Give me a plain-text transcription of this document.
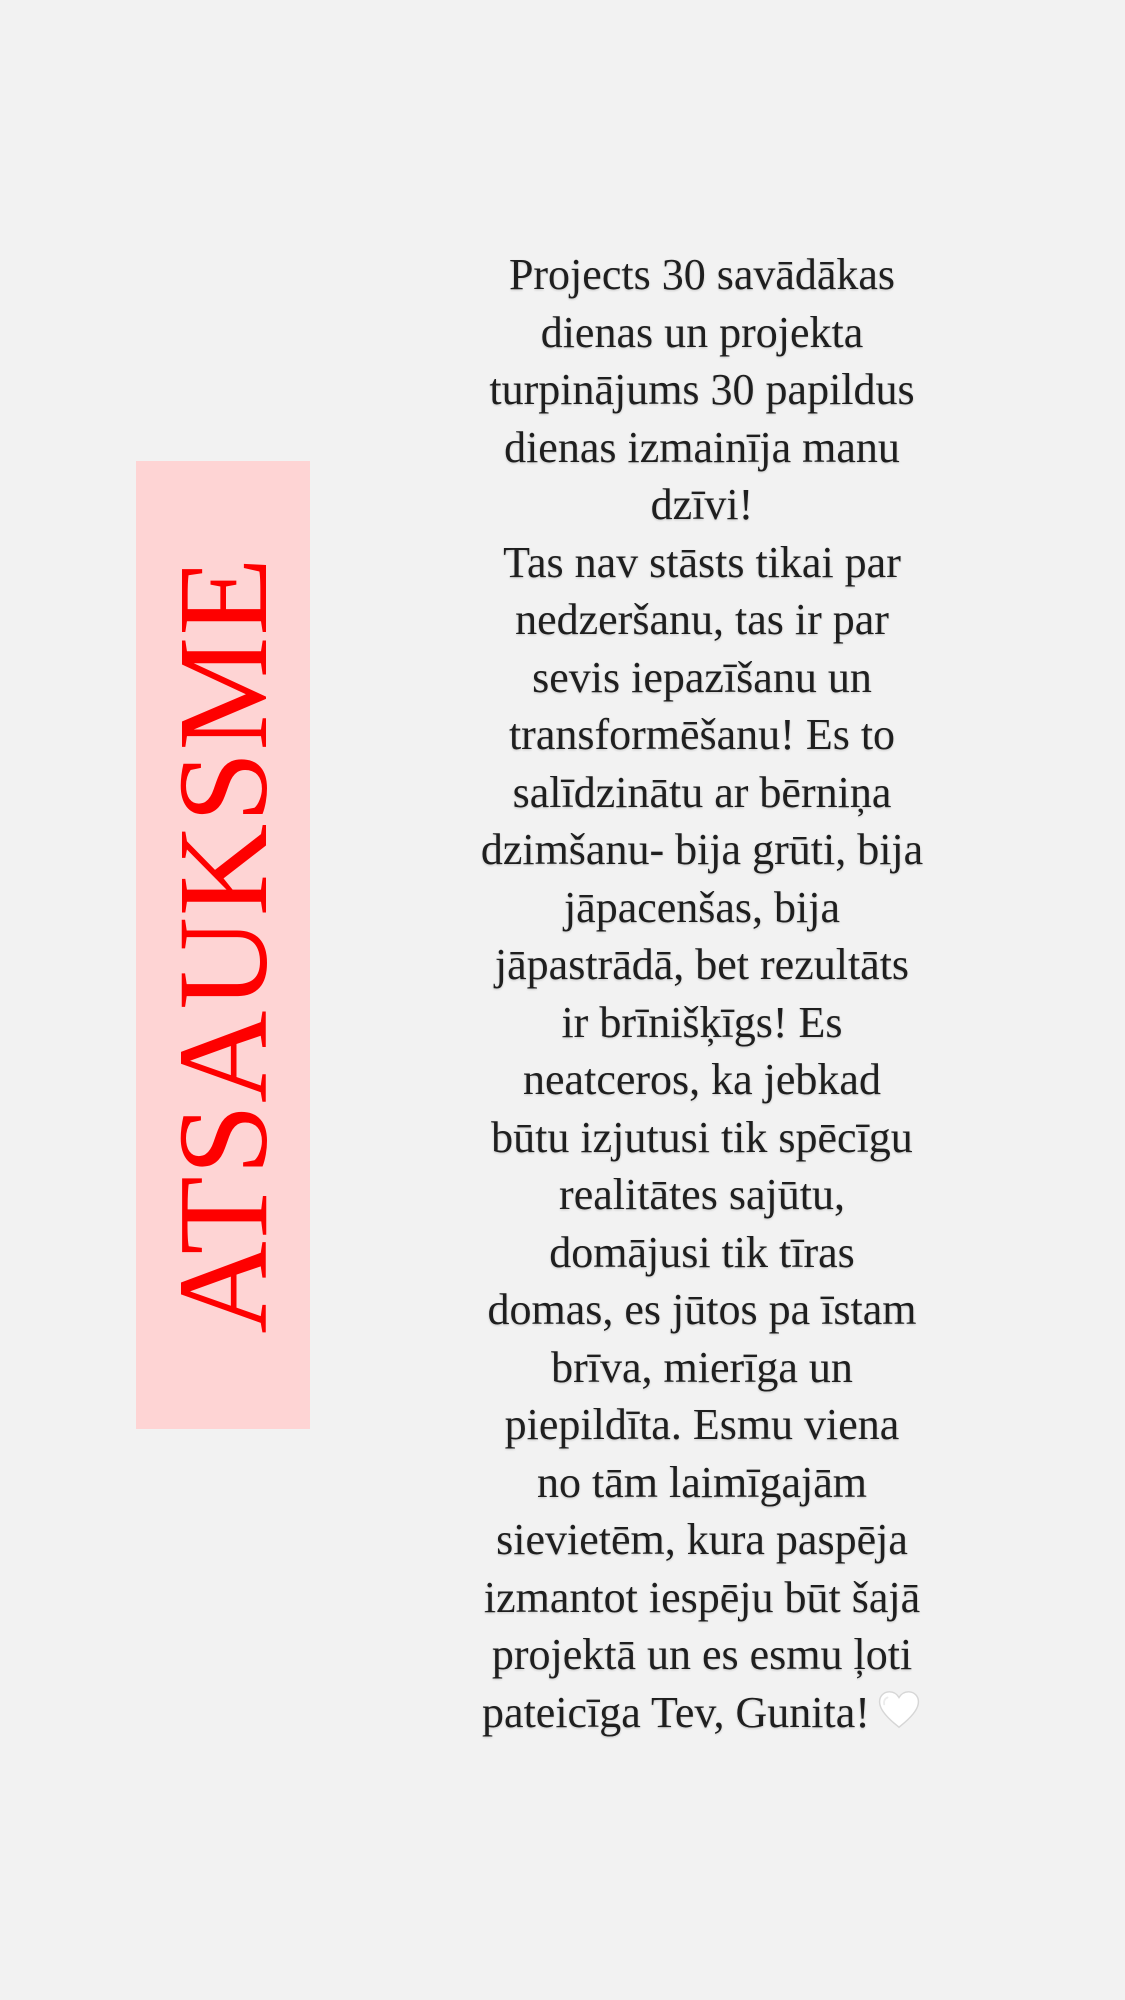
ATSAUKSME
Projects 30 savādākas
dienas un projekta
turpinājums 30 papildus
dienas izmainīja manu
dzīvi!
Tas nav stāsts tikai par
nedzeršanu, tas ir par
sevis iepazīšanu un
transformēšanu! Es to
salīdzinātu ar bērniņa
dzimšanu- bija grūti, bija
jāpacenšas, bija
jāpastrādā, bet rezultāts
ir brīnišķīgs! Es
neatceros, ka jebkad
būtu izjutusi tik spēcīgu
realitātes sajūtu,
domājusi tik tīras
domas, es jūtos pa īstam
brīva, mierīga un
piepildīta. Esmu viena
no tām laimīgajām
sievietēm, kura paspēja
izmantot iespēju būt šajā
projektā un es esmu ļoti
pateicīga Tev, Gunita!
